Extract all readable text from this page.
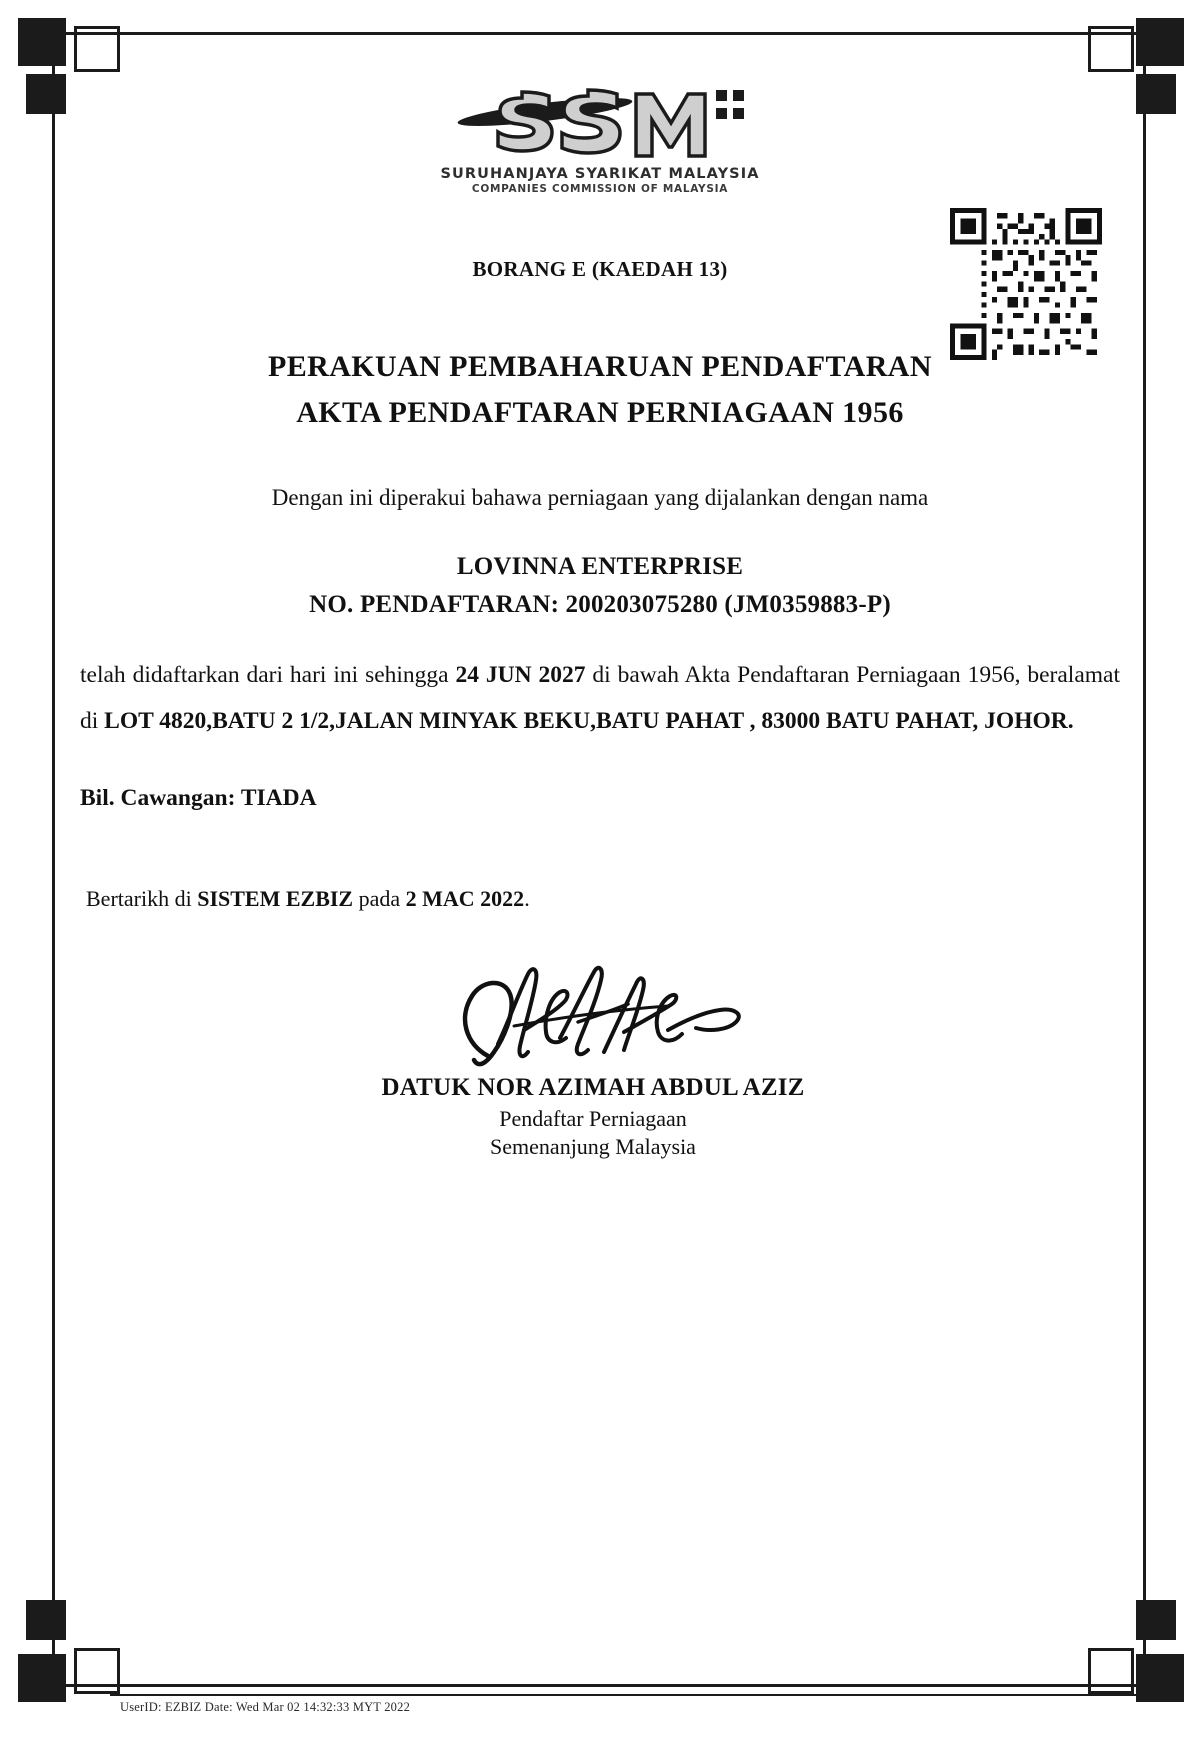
SURUHANJAYA SYARIKAT MALAYSIA
COMPANIES COMMISSION OF MALAYSIA
BORANG E (KAEDAH 13)
PERAKUAN PEMBAHARUAN PENDAFTARAN
AKTA PENDAFTARAN PERNIAGAAN 1956
Dengan ini diperakui bahawa perniagaan yang dijalankan dengan nama
LOVINNA ENTERPRISE
NO. PENDAFTARAN: 200203075280 (JM0359883-P)
telah didaftarkan dari hari ini sehingga 24 JUN 2027 di bawah Akta Pendaftaran Perniagaan 1956, beralamat di LOT 4820,BATU 2 1/2,JALAN MINYAK BEKU,BATU PAHAT , 83000 BATU PAHAT, JOHOR.
Bil. Cawangan: TIADA
Bertarikh di SISTEM EZBIZ pada 2 MAC 2022.
DATUK NOR AZIMAH ABDUL AZIZ
Pendaftar Perniagaan
Semenanjung Malaysia
UserID: EZBIZ Date: Wed Mar 02 14:32:33 MYT 2022
